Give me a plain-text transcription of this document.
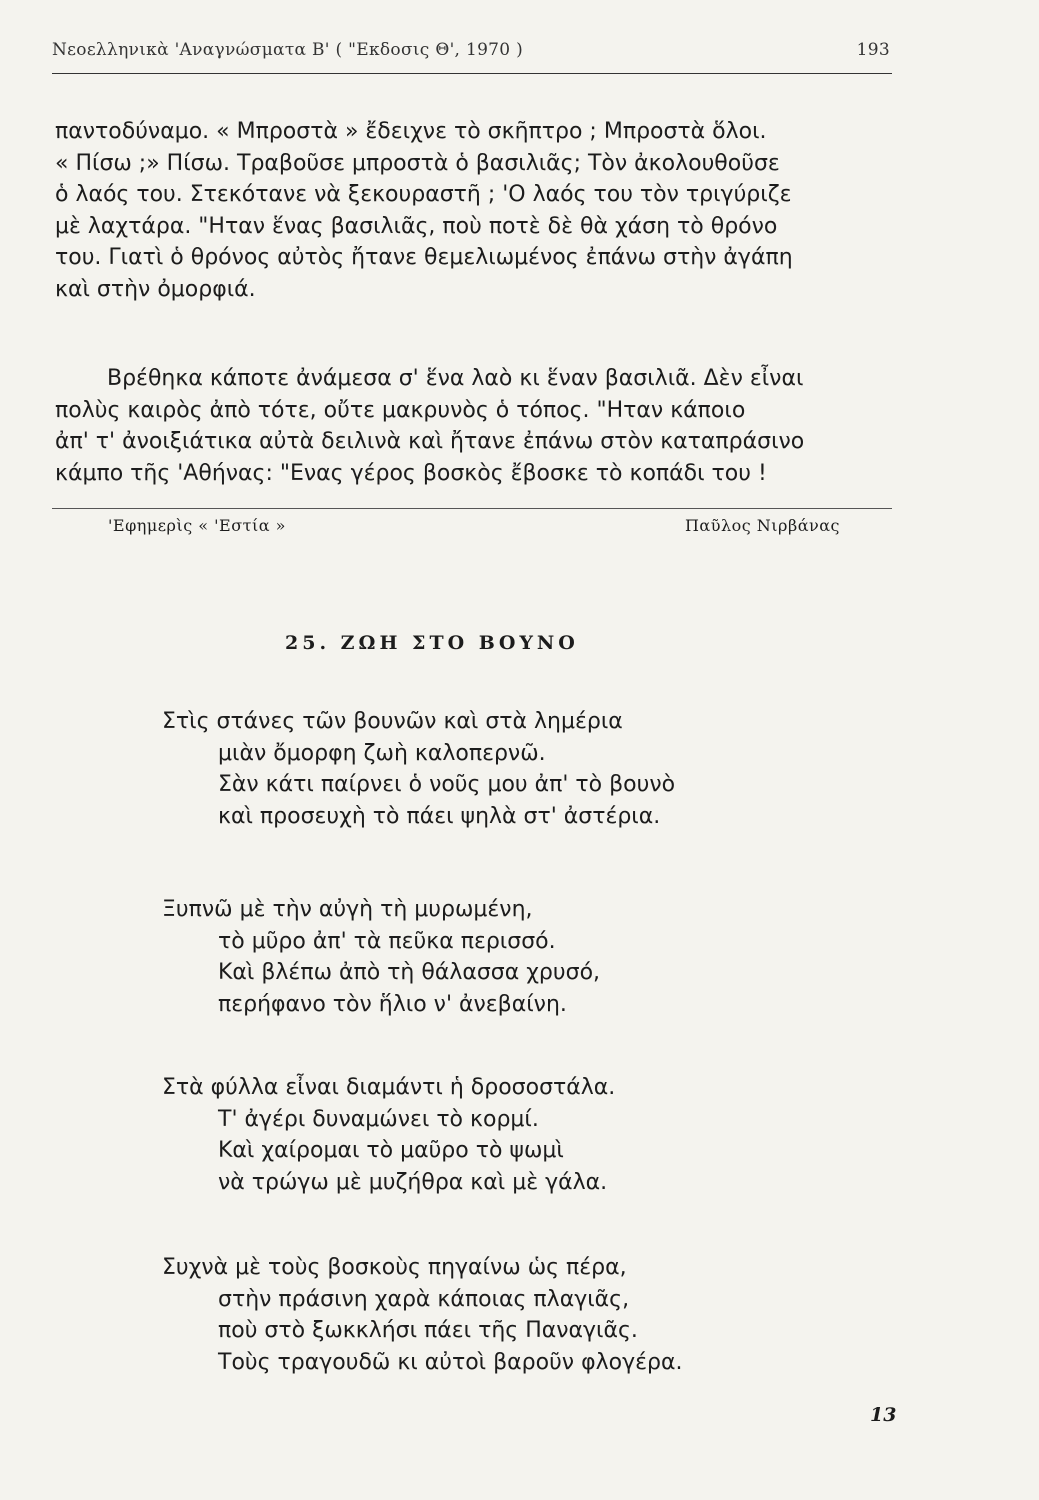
Νεοελληνικὰ 'Αναγνώσματα Β' ( "Εκδοσις Θ', 1970 )	193

παντοδύναμο. « Μπροστὰ » ἔδειχνε τὸ σκῆπτρο ; Μπροστὰ ὅλοι.
« Πίσω ;» Πίσω. Τραβοῦσε μπροστὰ ὁ βασιλιᾶς; Τὸν ἀκολουθοῦσε
ὁ λαός του. Στεκότανε νὰ ξεκουραστῆ ; 'Ο λαός του τὸν τριγύριζε
μὲ λαχτάρα. "Ηταν ἕνας βασιλιᾶς, ποὺ ποτὲ δὲ θὰ χάση τὸ θρόνο
του. Γιατὶ ὁ θρόνος αὐτὸς ἤτανε θεμελιωμένος ἐπάνω στὴν ἀγάπη
καὶ στὴν ὀμορφιά.

Βρέθηκα κάποτε ἀνάμεσα σ' ἕνα λαὸ κι ἕναν βασιλιᾶ. Δὲν εἶναι
πολὺς καιρὸς ἀπὸ τότε, οὔτε μακρυνὸς ὁ τόπος. "Ηταν κάποιο
ἀπ' τ' ἀνοιξιάτικα αὐτὰ δειλινὰ καὶ ἤτανε ἐπάνω στὸν καταπράσινο
κάμπο τῆς 'Αθήνας: "Ενας γέρος βοσκὸς ἔβοσκε τὸ κοπάδι του !

'Εφημερὶς « 'Εστία »	Παῦλος Νιρβάνας
25. ΖΩΗ ΣΤΟ ΒΟΥΝΟ
Στὶς στάνες τῶν βουνῶν καὶ στὰ λημέρια
μιὰν ὄμορφη ζωὴ καλοπερνῶ.
Σὰν κάτι παίρνει ὁ νοῦς μου ἀπ' τὸ βουνὸ
καὶ προσευχὴ τὸ πάει ψηλὰ στ' ἀστέρια.
Ξυπνῶ μὲ τὴν αὐγὴ τὴ μυρωμένη,
τὸ μῦρο ἀπ' τὰ πεῦκα περισσό.
Καὶ βλέπω ἀπὸ τὴ θάλασσα χρυσό,
περήφανο τὸν ἥλιο ν' ἀνεβαίνη.
Στὰ φύλλα εἶναι διαμάντι ἡ δροσοστάλα.
Τ' ἀγέρι δυναμώνει τὸ κορμί.
Καὶ χαίρομαι τὸ μαῦρο τὸ ψωμὶ
νὰ τρώγω μὲ μυζήθρα καὶ μὲ γάλα.
Συχνὰ μὲ τοὺς βοσκοὺς πηγαίνω ὡς πέρα,
στὴν πράσινη χαρὰ κάποιας πλαγιᾶς,
ποὺ στὸ ξωκκλήσι πάει τῆς Παναγιᾶς.
Τοὺς τραγουδῶ κι αὐτοὶ βαροῦν φλογέρα.
13
